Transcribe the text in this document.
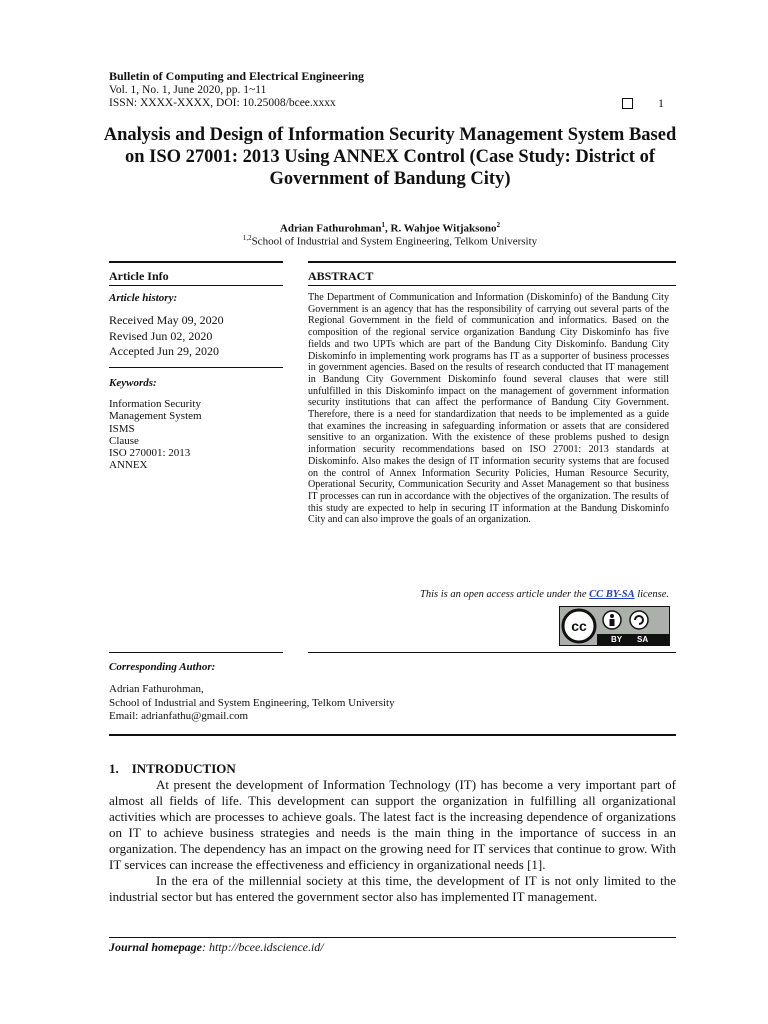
Bulletin of Computing and Electrical Engineering
Vol. 1, No. 1, June 2020, pp. 1~11
ISSN: XXXX-XXXX, DOI: 10.25008/bcee.xxxx	1
Analysis and Design of Information Security Management System Based on ISO 27001: 2013 Using ANNEX Control (Case Study: District of Government of Bandung City)
Adrian Fathurohman$^1$, R. Wahjoe Witjaksono$^2$
$^{1,2}$School of Industrial and System Engineering, Telkom University
Article Info	ABSTRACT
Article history:
Received May 09, 2020
Revised Jun 02, 2020
Accepted Jun 29, 2020
Keywords:
Information Security
Management System
ISMS
Clause
ISO 270001: 2013
ANNEX
The Department of Communication and Information (Diskominfo) of the Bandung City Government is an agency that has the responsibility of carrying out several parts of the Regional Government in the field of communication and informatics. Based on the composition of the regional service organization Bandung City Diskominfo has five fields and two UPTs which are part of the Bandung City Diskominfo. Bandung City Diskominfo in implementing work programs has IT as a supporter of business processes in government agencies. Based on the results of research conducted that IT management in Bandung City Government Diskominfo found several clauses that were still unfulfilled in this Diskominfo impact on the management of government information security institutions that can affect the performance of Bandung City Government. Therefore, there is a need for standardization that needs to be implemented as a guide that examines the increasing in safeguarding information or assets that are considered sensitive to an organization. With the existence of these problems pushed to design information security recommendations based on ISO 27001: 2013 standards at Diskominfo. Also makes the design of IT information security systems that are focused on the control of Annex Information Security Policies, Human Resource Security, Operational Security, Communication Security and Asset Management so that business IT processes can run in accordance with the objectives of the organization. The results of this study are expected to help in securing IT information at the Bandung Diskominfo City and can also improve the goals of an organization.
This is an open access article under the CC BY-SA license.
cc
BY SA
Corresponding Author:
Adrian Fathurohman,
School of Industrial and System Engineering, Telkom University
Email: adrianfathu@gmail.com
1.    INTRODUCTION

At present the development of Information Technology (IT) has become a very important part of almost all fields of life. This development can support the organization in fulfilling all organizational activities which are processes to achieve goals. The latest fact is the increasing dependence of organizations on IT to achieve business strategies and needs is the main thing in the importance of success in an organization. The dependency has an impact on the growing need for IT services that continue to grow. With IT services can increase the effectiveness and efficiency in organizational needs [1].

In the era of the millennial society at this time, the development of IT is not only limited to the industrial sector but has entered the government sector also has implemented IT management.

Journal homepage: http://bcee.idscience.id/
